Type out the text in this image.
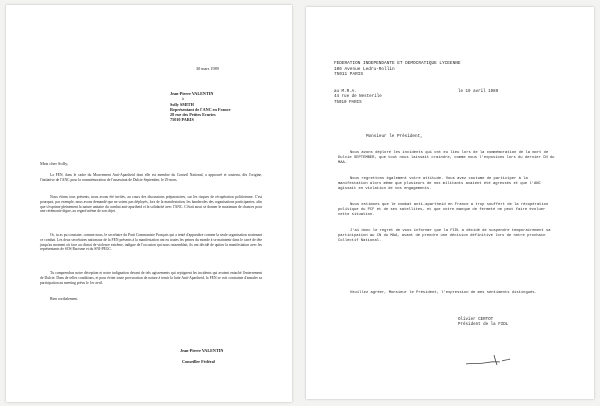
30 mars 1989
Jean-Pierre VALENTIN
à
Solly SMITH
Représentant de l'ANC en France
28 rue des Petites Ecuries
75010 PARIS
Mon cher Solly,
La FEN, dans le cadre du Mouvement Anti-Apartheid dont elle est membre du Conseil National, a approuvé et soutenu, dès l'origine, l'initiative de l'ANC pour la commémoration de l'assassinat de Dulcie September, le 29 mars.
Nous étions tous présents, nous avons été invités, au cours des discussions préparatoires, sur les risques de récupération politicienne. C'est pourquoi, par exemple, nous avons demandé que ne soient pas déployés, lors de la manifestation, les banderoles des organisations participantes, afin que s'exprime pleinement la nature unitaire du combat anti-apartheid et la solidarité avec l'ANC. C'était aussi se donner le maximum de chances pour une cérémonie digne, au regard même de son objet.
Or, tu as pu constater, comme nous, le secrétaire du Parti Communiste Français qui a tenté d'apparaître comme la seule organisation soutenant ce combat. Les deux secrétaires nationaux de la FEN présents à la manifestation ont eu toutes les peines du monde à se maintenir dans le carré de tête jusqu'au moment où face au climat de violence extrême, indigne de l'occasion qui nous rassemblait, ils ont décidé de quitter la manifestation avec les représentants de SOS Racisme et du SNI-PEGC.
Tu comprendras notre déception et notre indignation devant de tels agissements qui rejoignent les incidents qui avaient entaché l'enterrement de Dulcie. Dans de telles conditions, et pour éviter toute provocation de nature à ternir la lutte Anti-Apartheid, la FEN se voit contrainte d'annuler sa participation au meeting prévu le 1er avril.
Bien cordialement.
Jean-Pierre VALENTIN
Conseiller Fédéral
FEDERATION INDEPENDANTE ET DEMOCRATIQUE LYCEENNE
106 Avenue Ledru-Rollin
75011 PARIS
au M.R.A.
44 rue de Nesterile
75010 PARIS
le 19 avril 1989
Monsieur le Président,
Nous avons déploré les incidents qui ont eu lieu lors de la commémoration de la mort de Dulcie SEPTEMBER, que tout nous laissait craindre, comme nous l'exposions lors du dernier CN du MAA.
Nous regrettons également votre attitude. Vous avez coutume de participer à la manifestation alors même que plusieurs de nos militants avaient été agressés et que l'ANC agissait en violation de vos engagements.
Nous estimons que le combat anti-apartheid en France a trop souffert de la récupération politique du PCF et de ses satellites, et que votre manque de fermeté ne peut faire évoluer cette situation.
J'ai donc le regret de vous informer que la FIDL a décidé de suspendre temporairement sa participation au CN du MAA, avant de prendre une décision définitive lors de notre prochain Collectif National.
Veuillez agréer, Monsieur le Président, l'expression de mes sentiments distingués.
Olivier CERTOT
Président de la FIDL
